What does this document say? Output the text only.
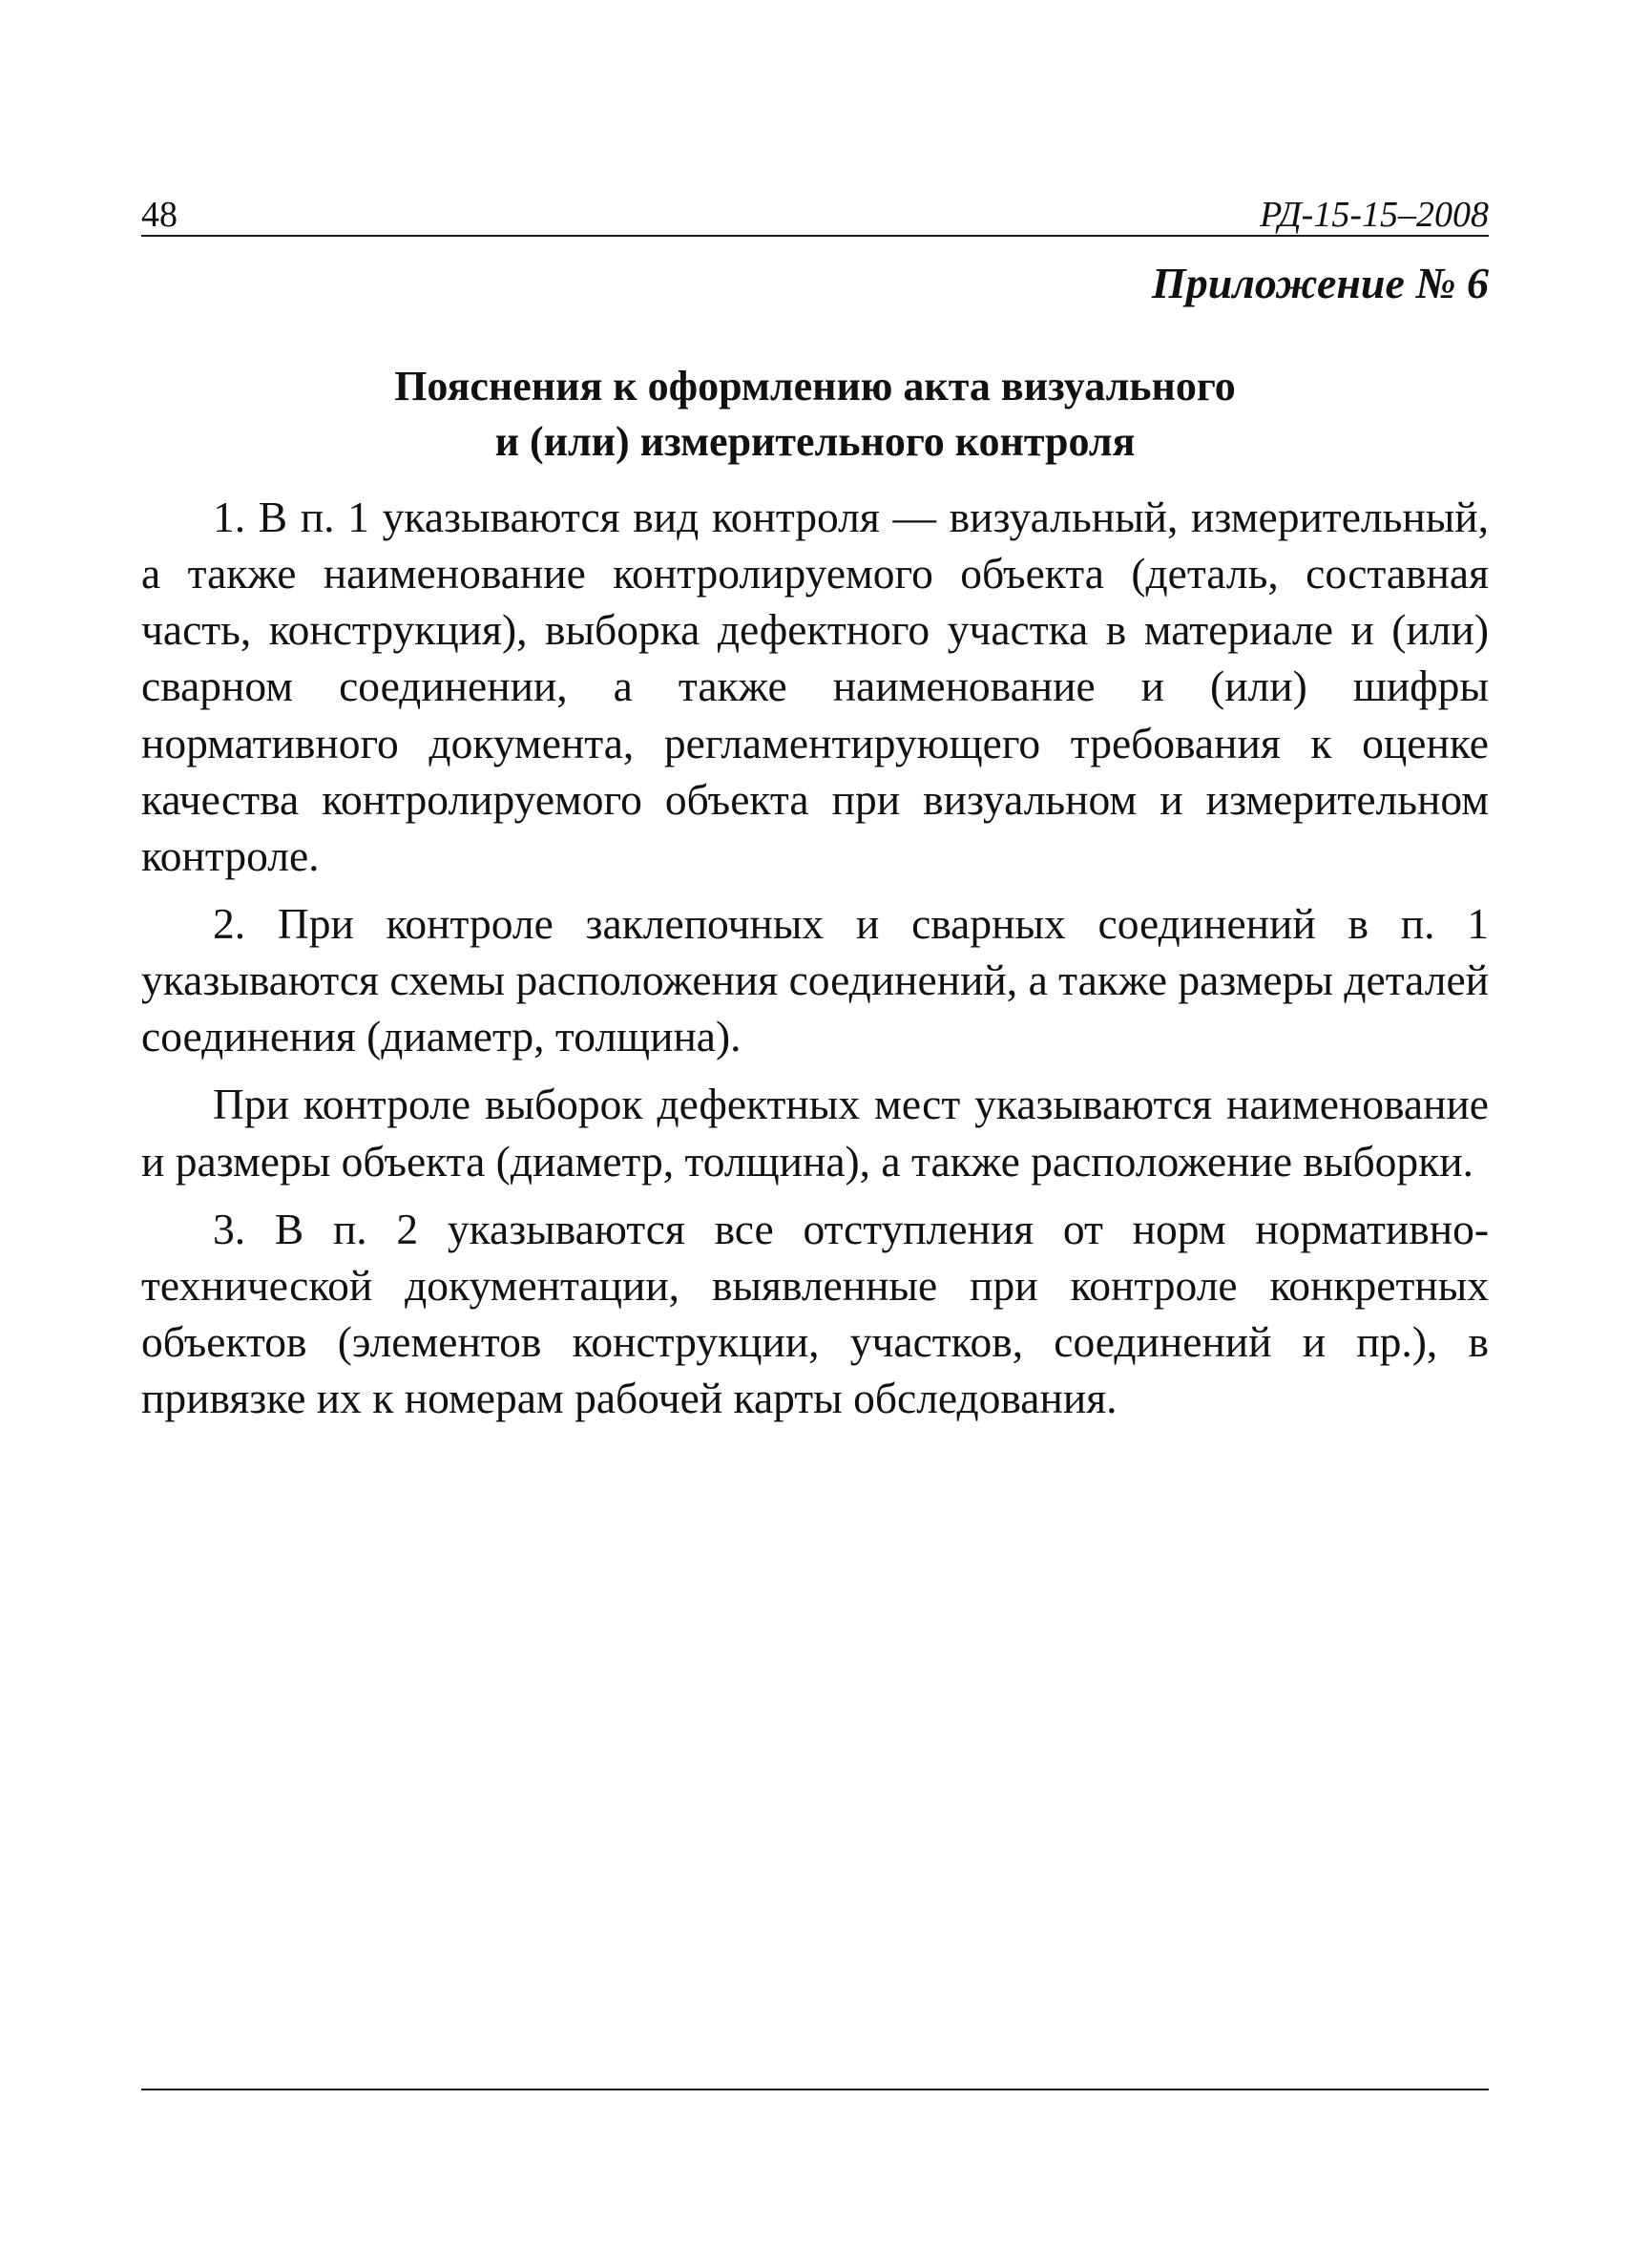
48	РД-15-15–2008
Приложение № 6
Пояснения к оформлению акта визуального
и (или) измерительного контроля

1. В п. 1 указываются вид контроля — визуальный, измерительный, а также наименование контролируемого объекта (деталь, составная часть, конструкция), выборка дефектного участка в материале и (или) сварном соединении, а также наименование и (или) шифры нормативного документа, регламентирующего требования к оценке качества контролируемого объекта при визуальном и измерительном контроле.

2. При контроле заклепочных и сварных соединений в п. 1 указываются схемы расположения соединений, а также размеры деталей соединения (диаметр, толщина).

При контроле выборок дефектных мест указываются наименование и размеры объекта (диаметр, толщина), а также расположение выборки.

3. В п. 2 указываются все отступления от норм нормативно-технической документации, выявленные при контроле конкретных объектов (элементов конструкции, участков, соединений и пр.), в привязке их к номерам рабочей карты обследования.
